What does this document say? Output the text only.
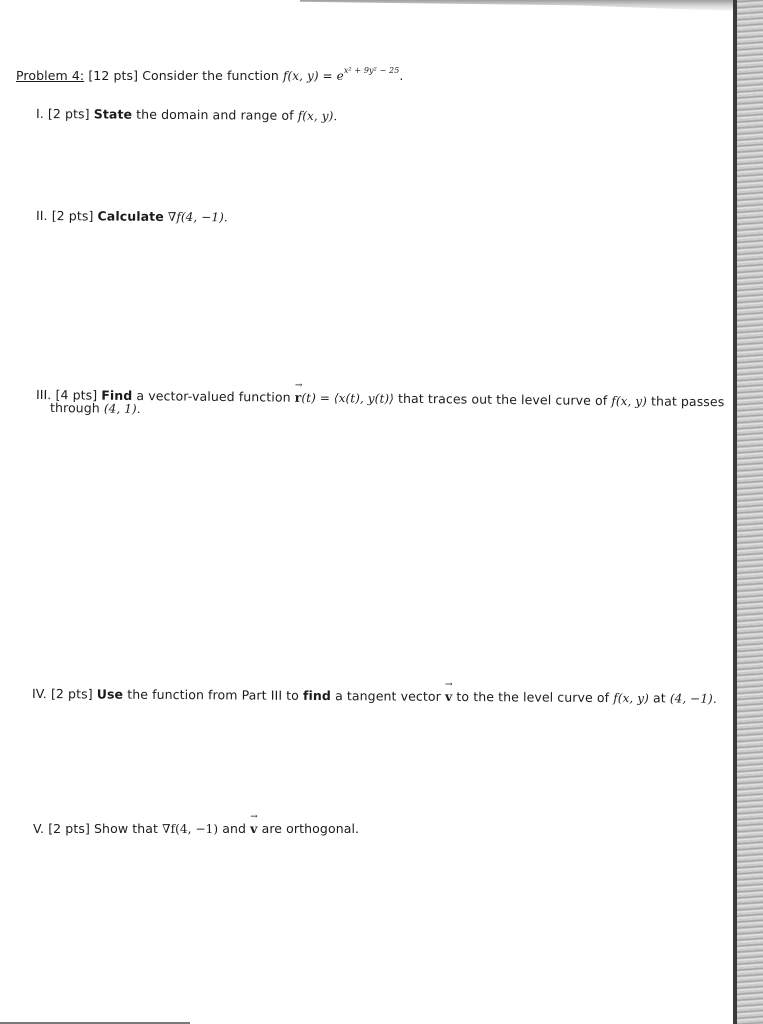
Problem 4: [12 pts] Consider the function f(x, $y) = e^{x^2 + 9y^2 - 25}$.
I. [2 pts] State the domain and range of f(x, y).
II. [2 pts] Calculate ∇f(4, −1).
III. [4 pts] Find a vector-valued function
→
r(t) = ⟨x(t), y(t)⟩ that traces out the level curve of f(x, y) that passes
through (4, 1).
IV. [2 pts] Use the function from Part III to find a tangent vector
→
v to the the level curve of f(x, y) at (4, −1).
V. [2 pts] Show that ∇f(4, −1) and
→
v are orthogonal.
